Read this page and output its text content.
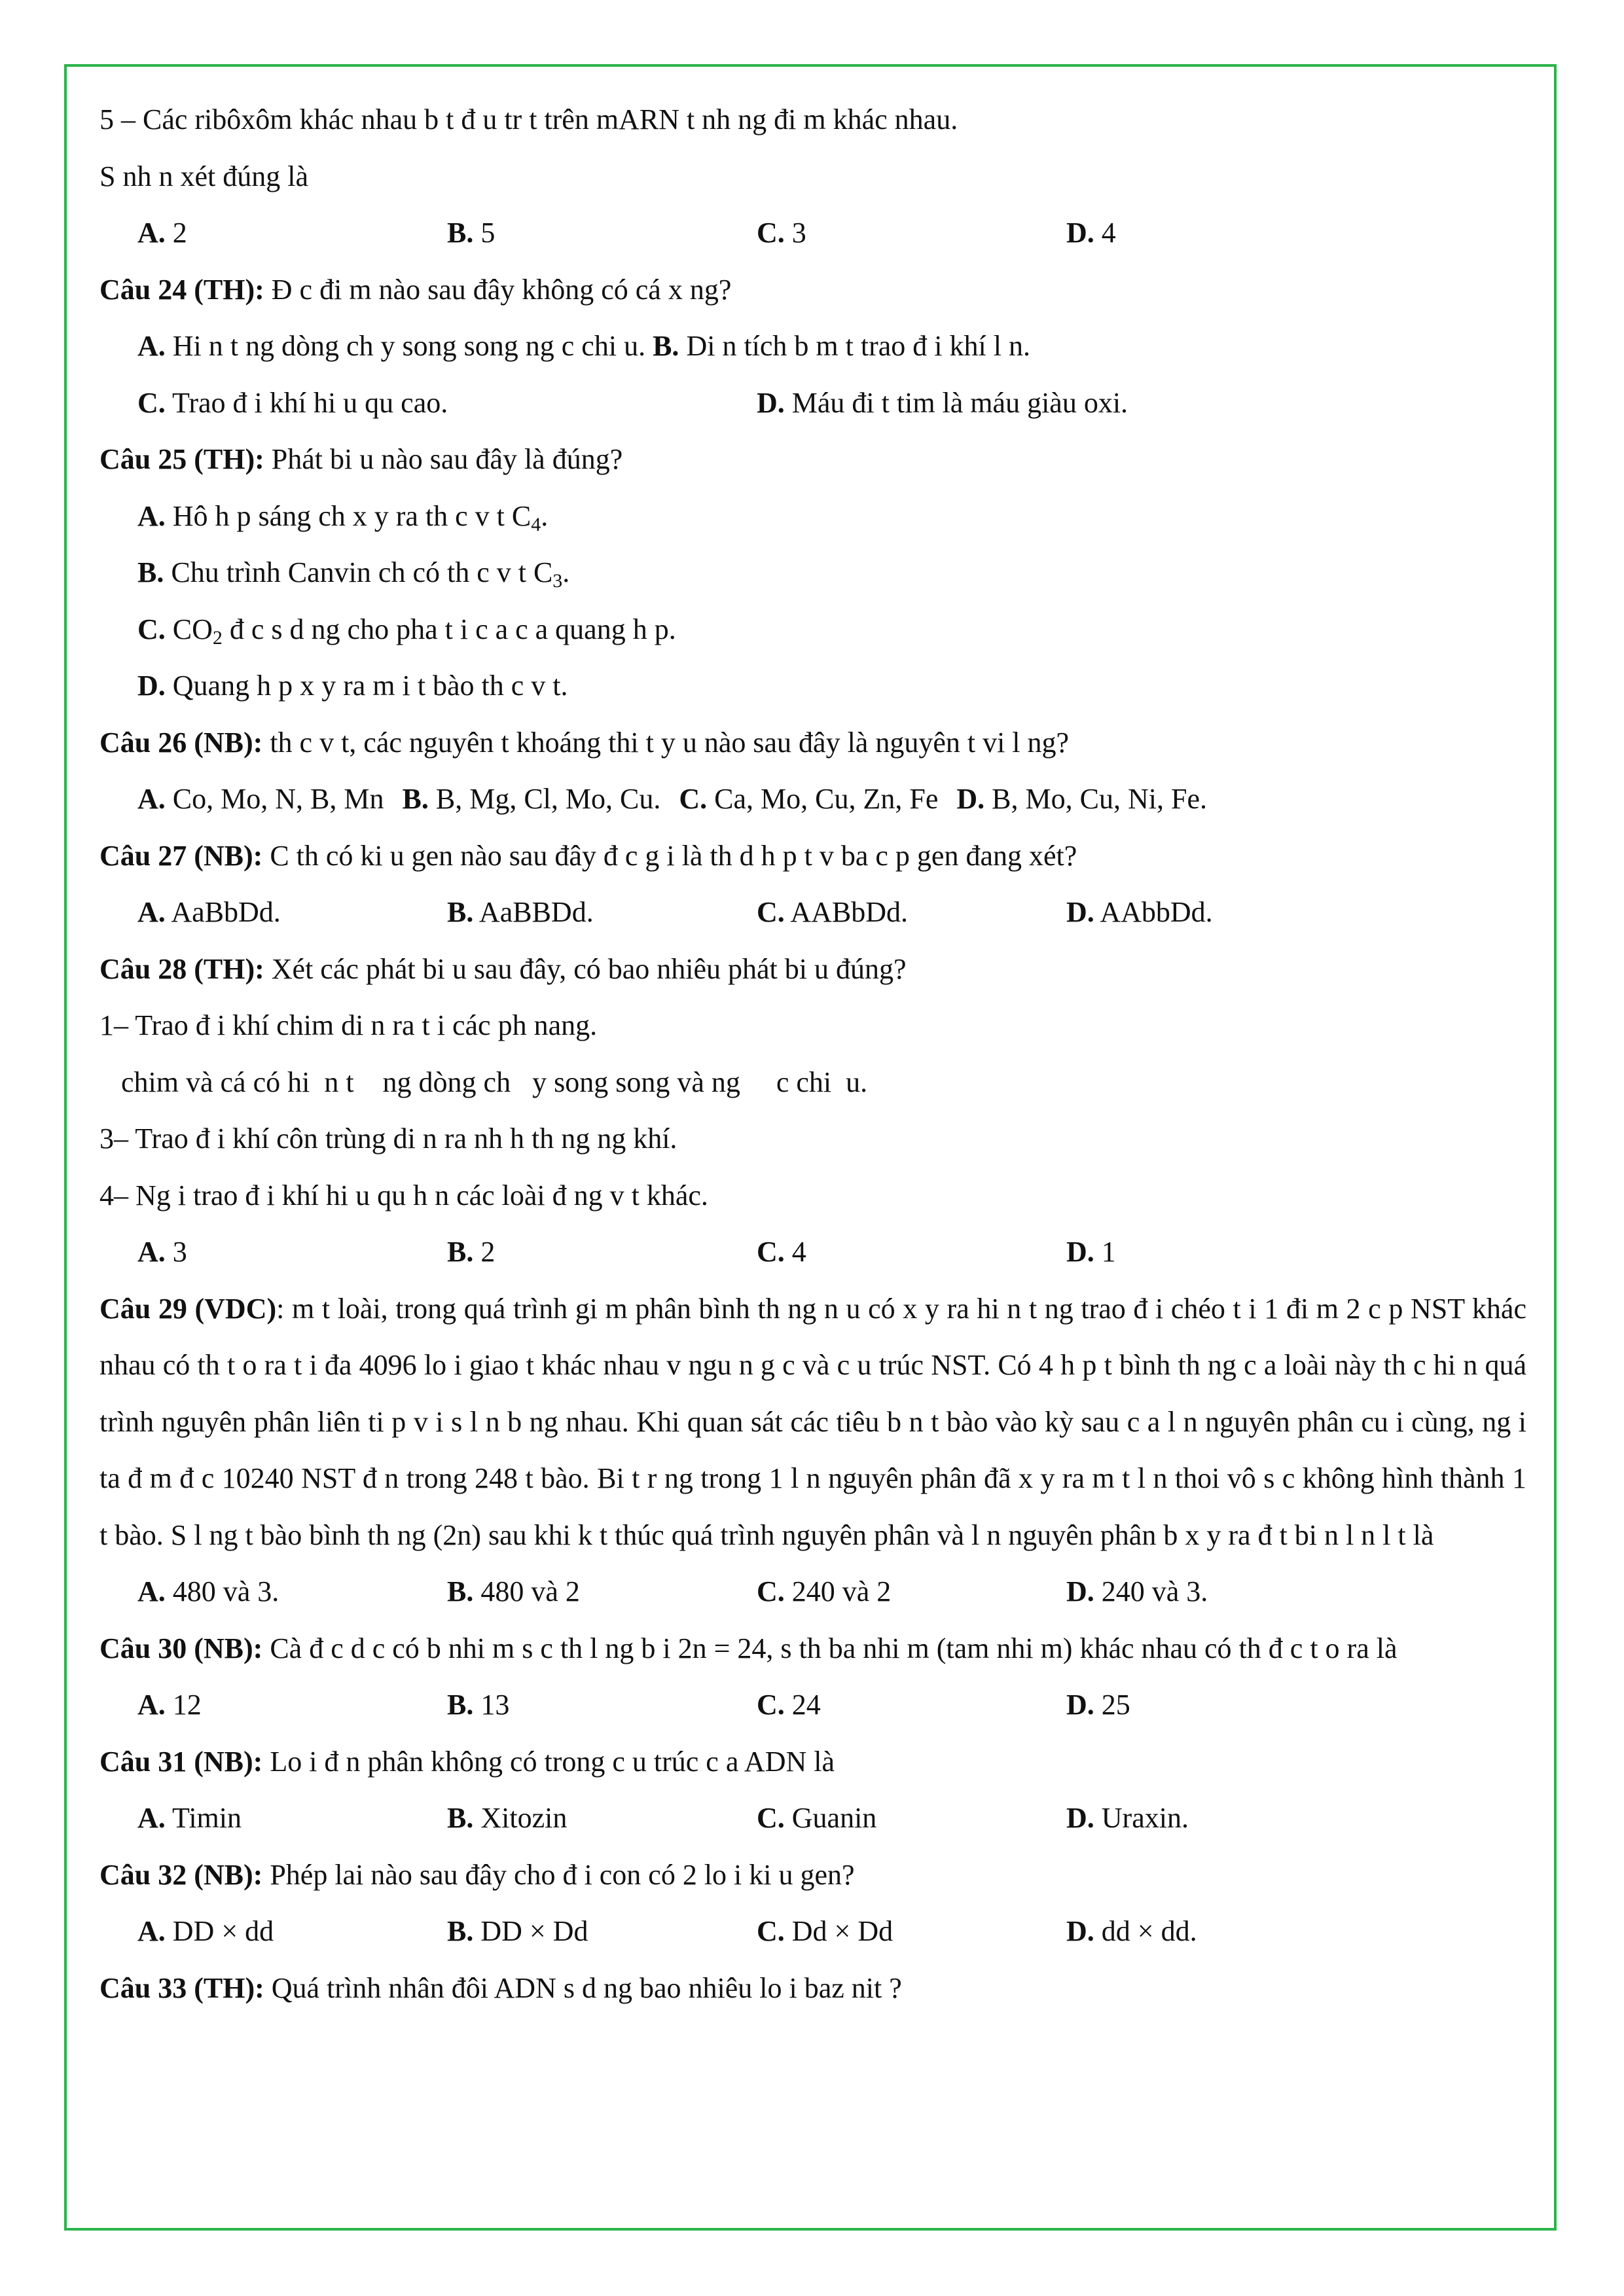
5 – Các ribôxôm khác nhau b t đ u tr t trên mARN t nh ng đi m khác nhau.
S nh n xét đúng là
A. 2	B. 5	C. 3	D. 4
Câu 24 (TH): Đ c đi m nào sau đây không có cá x ng?
A. Hi n t ng dòng ch y song song ng c chi u. B. Di n tích b m t trao đ i khí l n.
C. Trao đ i khí hi u qu cao.	D. Máu đi t tim là máu giàu oxi.
Câu 25 (TH): Phát bi u nào sau đây là đúng?
A. Hô h p sáng ch x y ra th c v t $C_4$.
B. Chu trình Canvin ch có th c v t $C_3$.
C. $CO_2$ đ c s d ng cho pha t i c a c a quang h p.
D. Quang h p x y ra m i t bào th c v t.
Câu 26 (NB): th c v t, các nguyên t khoáng thi t y u nào sau đây là nguyên t vi l ng?
A. Co, Mo, N, B, Mn B. B, Mg, Cl, Mo, Cu. C. Ca, Mo, Cu, Zn, Fe D. B, Mo, Cu, Ni, Fe.
Câu 27 (NB): C th có ki u gen nào sau đây đ c g i là th d h p t v ba c p gen đang xét?
A. AaBbDd.	B. AaBBDd.	C. AABbDd.	D. AAbbDd.
Câu 28 (TH): Xét các phát bi u sau đây, có bao nhiêu phát bi u đúng?
1– Trao đ i khí chim di n ra t i các ph nang.
chim và cá có hi  n t    ng dòng ch   y song song và ng     c chi  u.
3– Trao đ i khí côn trùng di n ra nh h th ng ng khí.
4– Ng i trao đ i khí hi u qu h n các loài đ ng v t khác.
A. 3	B. 2	C. 4	D. 1
Câu 29 (VDC): m t loài, trong quá trình gi m phân bình th ng n u có x y ra hi n t ng trao đ i chéo t i 1 đi m 2 c p NST khác nhau có th t o ra t i đa 4096 lo i giao t khác nhau v ngu n g c và c u trúc NST. Có 4 h p t bình th ng c a loài này th c hi n quá trình nguyên phân liên ti p v i s l n b ng nhau. Khi quan sát các tiêu b n t bào vào kỳ sau c a l n nguyên phân cu i cùng, ng i ta đ m đ c 10240 NST đ n trong 248 t bào. Bi t r ng trong 1 l n nguyên phân đã x y ra m t l n thoi vô s c không hình thành 1 t bào. S l ng t bào bình th ng (2n) sau khi k t thúc quá trình nguyên phân và l n nguyên phân b x y ra đ t bi n l n l t là
A. 480 và 3.	B. 480 và 2	C. 240 và 2	D. 240 và 3.
Câu 30 (NB): Cà đ c d c có b nhi m s c th l ng b i 2n = 24, s th ba nhi m (tam nhi m) khác nhau có th đ c t o ra là
A. 12	B. 13	C. 24	D. 25
Câu 31 (NB): Lo i đ n phân không có trong c u trúc c a ADN là
A. Timin	B. Xitozin	C. Guanin	D. Uraxin.
Câu 32 (NB): Phép lai nào sau đây cho đ i con có 2 lo i ki u gen?
A. DD × dd	B. DD × Dd	C. Dd × Dd	D. dd × dd.
Câu 33 (TH): Quá trình nhân đôi ADN s d ng bao nhiêu lo i baz nit ?
